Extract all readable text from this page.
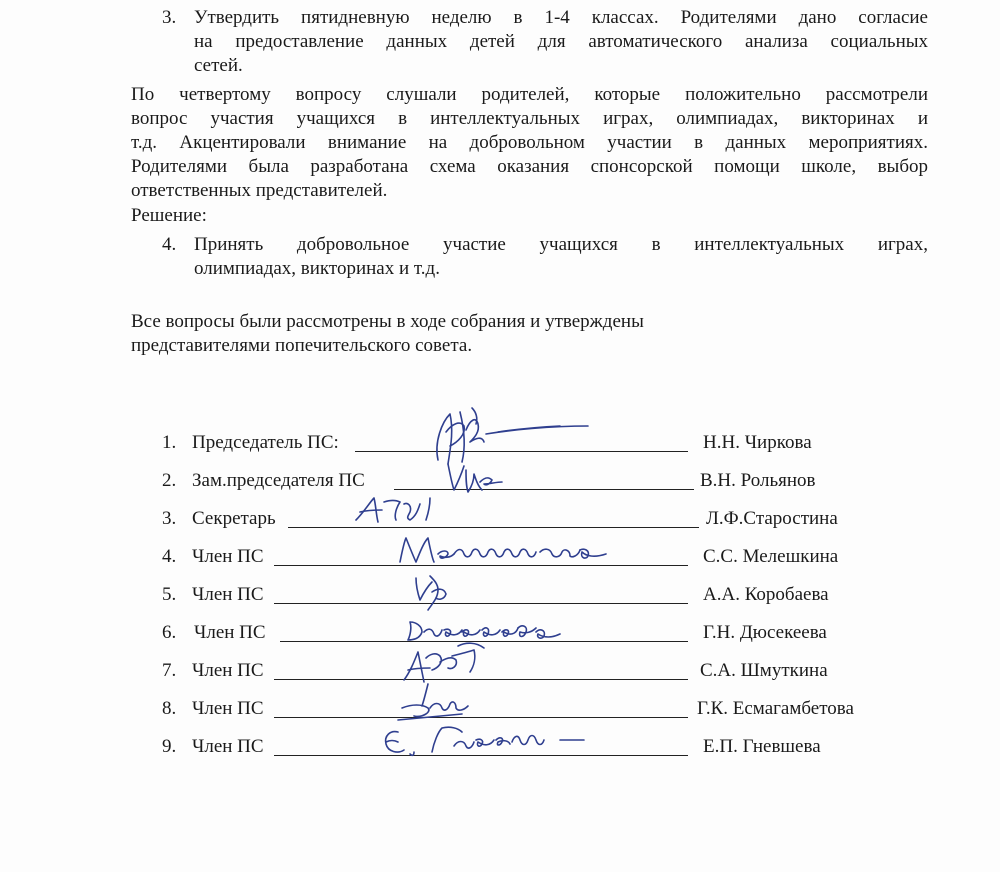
3. Утвердить пятидневную неделю в 1-4 классах. Родителями дано согласие
на предоставление данных детей для автоматического анализа социальных
сетей.
По четвертому вопросу слушали родителей, которые положительно рассмотрели
вопрос участия учащихся в интеллектуальных играх, олимпиадах, викторинах и
т.д. Акцентировали внимание на добровольном участии в данных мероприятиях.
Родителями была разработана схема оказания спонсорской помощи школе, выбор
ответственных представителей.
Решение:
4. Принять добровольное участие учащихся в интеллектуальных играх,
олимпиадах, викторинах и т.д.
Все вопросы были рассмотрены в ходе собрания и утверждены
представителями попечительского совета.
1. Председатель ПС:	Н.Н. Чиркова
2. Зам.председателя ПС	В.Н. Рольянов
3. Секретарь	Л.Ф.Старостина
4. Член ПС	С.С. Мелешкина
5. Член ПС	А.А. Коробаева
6. Член ПС	Г.Н. Дюсекеева
7. Член ПС	С.А. Шмуткина
8. Член ПС	Г.К. Есмагамбетова
9. Член ПС	Е.П. Гневшева
